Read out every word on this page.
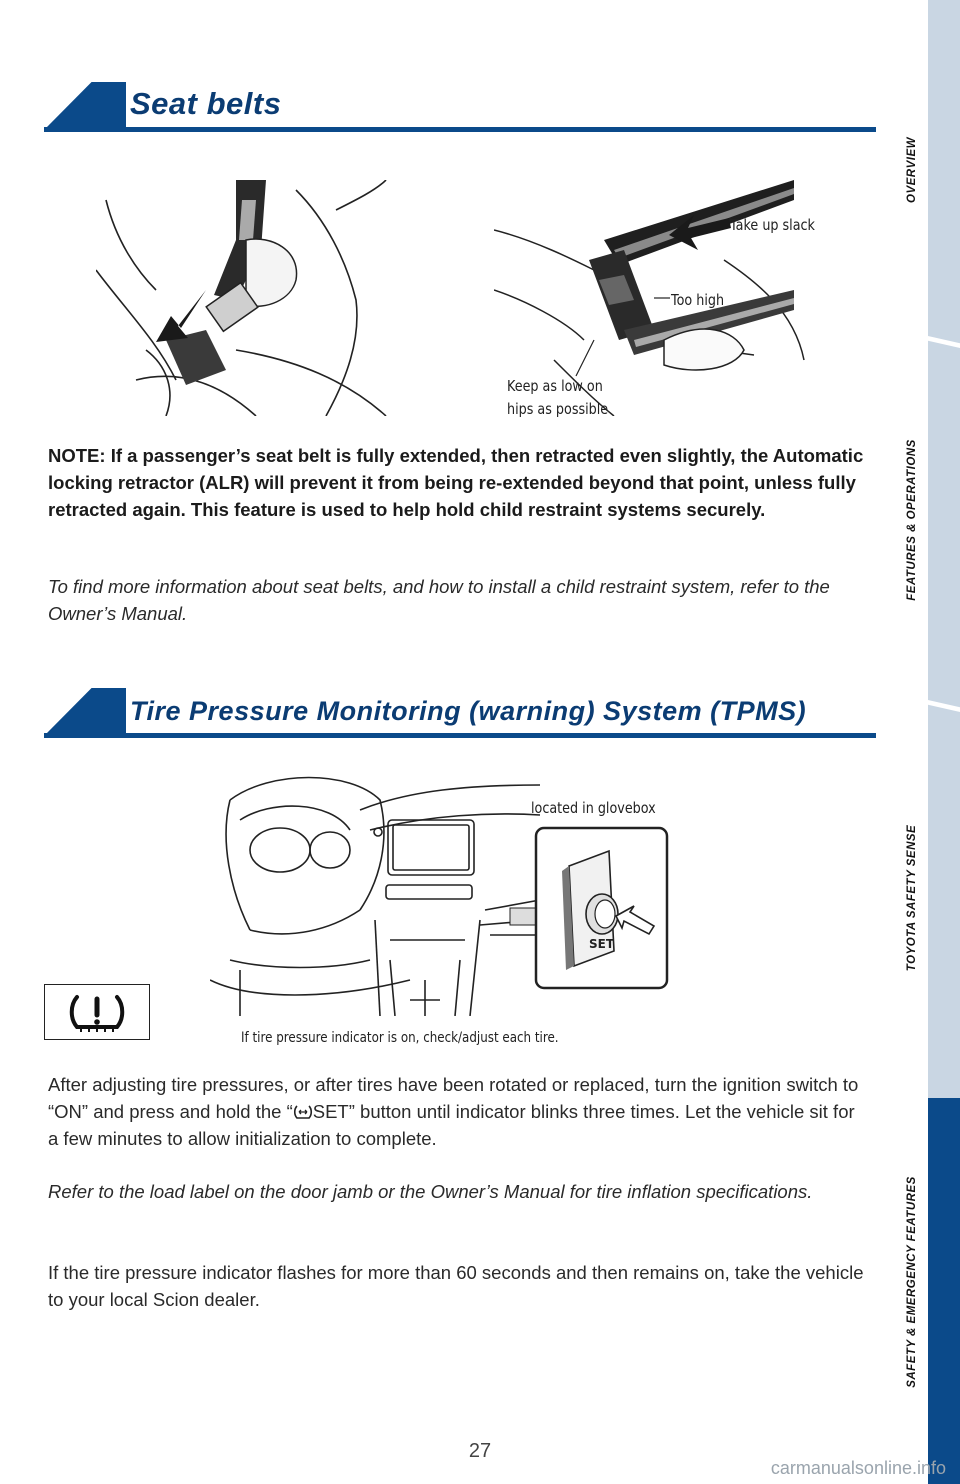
Seat belts
Take up slack
Too high
Keep as low on
hips as possible
NOTE: If a passenger’s seat belt is fully extended, then retracted even slightly, the Automatic locking retractor (ALR) will prevent it from being re-extended beyond that point, unless fully retracted again. This feature is used to help hold child restraint systems securely.
To find more information about seat belts, and how to install a child restraint system, refer to the Owner’s Manual.
Tire Pressure Monitoring (warning) System (TPMS)
located in glovebox
SET
If tire pressure indicator is on, check/adjust each tire.
After adjusting tire pressures, or after tires have been rotated or replaced, turn the ignition switch to “ON” and press and hold the “ SET” button until indicator blinks three times. Let the vehicle sit for a few minutes to allow initialization to complete.
Refer to the load label on the door jamb or the Owner’s Manual for tire inflation specifications.
If the tire pressure indicator flashes for more than 60 seconds and then remains on, take the vehicle to your local Scion dealer.
OVERVIEW
FEATURES & OPERATIONS
TOYOTA SAFETY SENSE
SAFETY & EMERGENCY FEATURES
27
carmanualsonline.info
